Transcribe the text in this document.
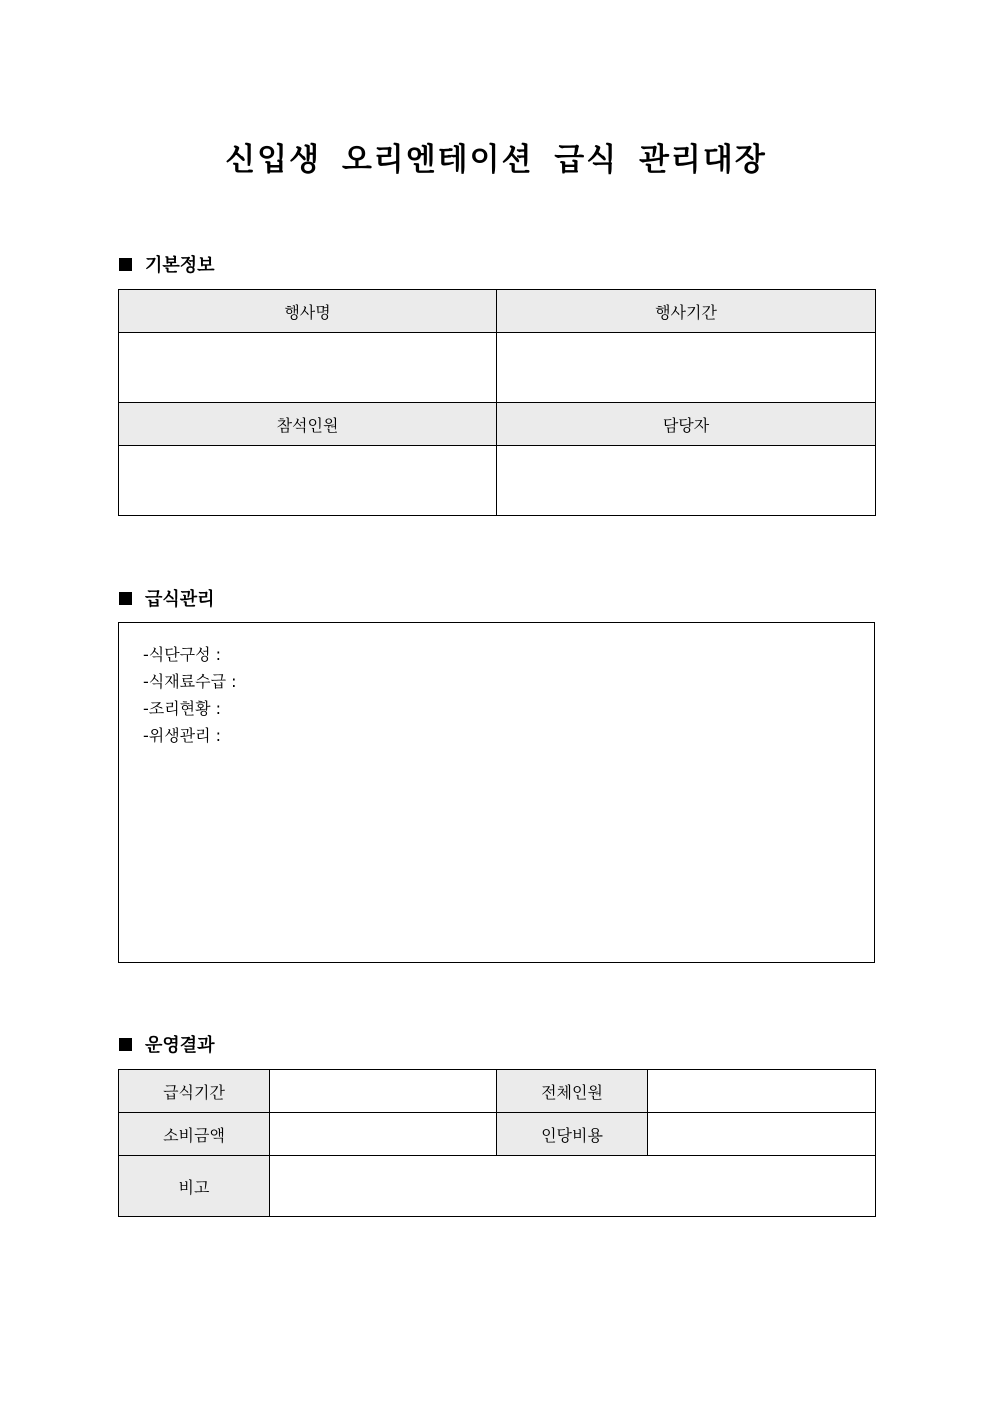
신입생 오리엔테이션 급식 관리대장
기본정보
행사명	행사기간

참석인원	담당자

급식관리
-식단구성 :
-식재료수급 :
-조리현황 :
-위생관리 :
운영결과
급식기간		전체인원	
소비금액		인당비용	
비고			
